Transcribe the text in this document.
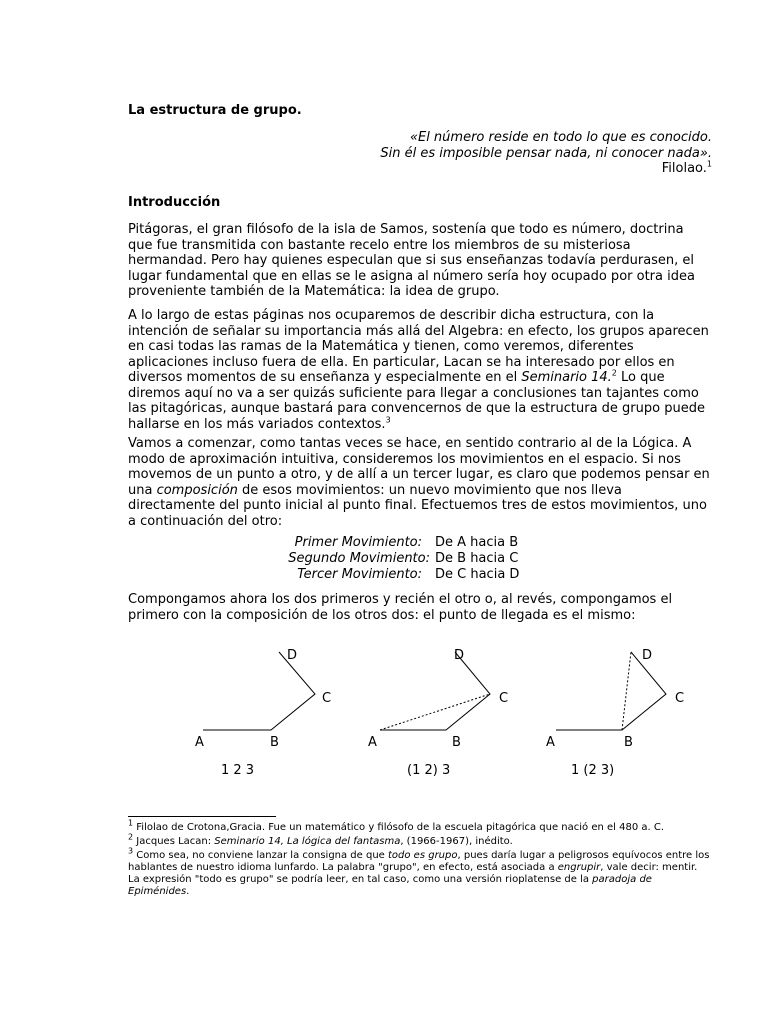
La estructura de grupo.
«El número reside en todo lo que es conocido.
Sin él es imposible pensar nada, ni conocer nada».
Filolao.$^1$
Introducción
Pitágoras, el gran filósofo de la isla de Samos, sostenía que todo es número, doctrina que fue transmitida con bastante recelo entre los miembros de su misteriosa hermandad. Pero hay quienes especulan que si sus enseñanzas todavía perdurasen, el lugar fundamental que en ellas se le asigna al número sería hoy ocupado por otra idea proveniente también de la Matemática: la idea de grupo.
A lo largo de estas páginas nos ocuparemos de describir dicha estructura, con la intención de señalar su importancia más allá del Algebra: en efecto, los grupos aparecen en casi todas las ramas de la Matemática y tienen, como veremos, diferentes aplicaciones incluso fuera de ella. En particular, Lacan se ha interesado por ellos en diversos momentos de su enseñanza y especialmente en el Seminario 14.$^2$ Lo que diremos aquí no va a ser quizás suficiente para llegar a conclusiones tan tajantes como las pitagóricas, aunque bastará para convencernos de que la estructura de grupo puede hallarse en los más variados contextos.$^3$
Vamos a comenzar, como tantas veces se hace, en sentido contrario al de la Lógica. A modo de aproximación intuitiva, consideremos los movimientos en el espacio. Si nos movemos de un punto a otro, y de allí a un tercer lugar, es claro que podemos pensar en una composición de esos movimientos: un nuevo movimiento que nos lleva directamente del punto inicial al punto final. Efectuemos tres de estos movimientos, uno a continuación del otro:
Primer Movimiento:	De A hacia B
Segundo Movimiento: De B hacia C
Tercer Movimiento:	De C hacia D
Compongamos ahora los dos primeros y recién el otro o, al revés, compongamos el primero con la composición de los otros dos: el punto de llegada es el mismo:
A	B
C
D
1 2 3
A	B
C
D
(1 2) 3
A	B
C
D
1 (2 3)
$^1$ Filolao de Crotona,Gracia. Fue un matemático y filósofo de la escuela pitagórica que nació en el 480 a. C.
$^2$ Jacques Lacan: Seminario 14, La lógica del fantasma, (1966-1967), inédito.
$^3$ Como sea, no conviene lanzar la consigna de que todo es grupo, pues daría lugar a peligrosos equívocos entre los hablantes de nuestro idioma lunfardo. La palabra "grupo", en efecto, está asociada a engrupir, vale decir: mentir. La expresión "todo es grupo" se podría leer, en tal caso, como una versión rioplatense de la paradoja de Epiménides.
